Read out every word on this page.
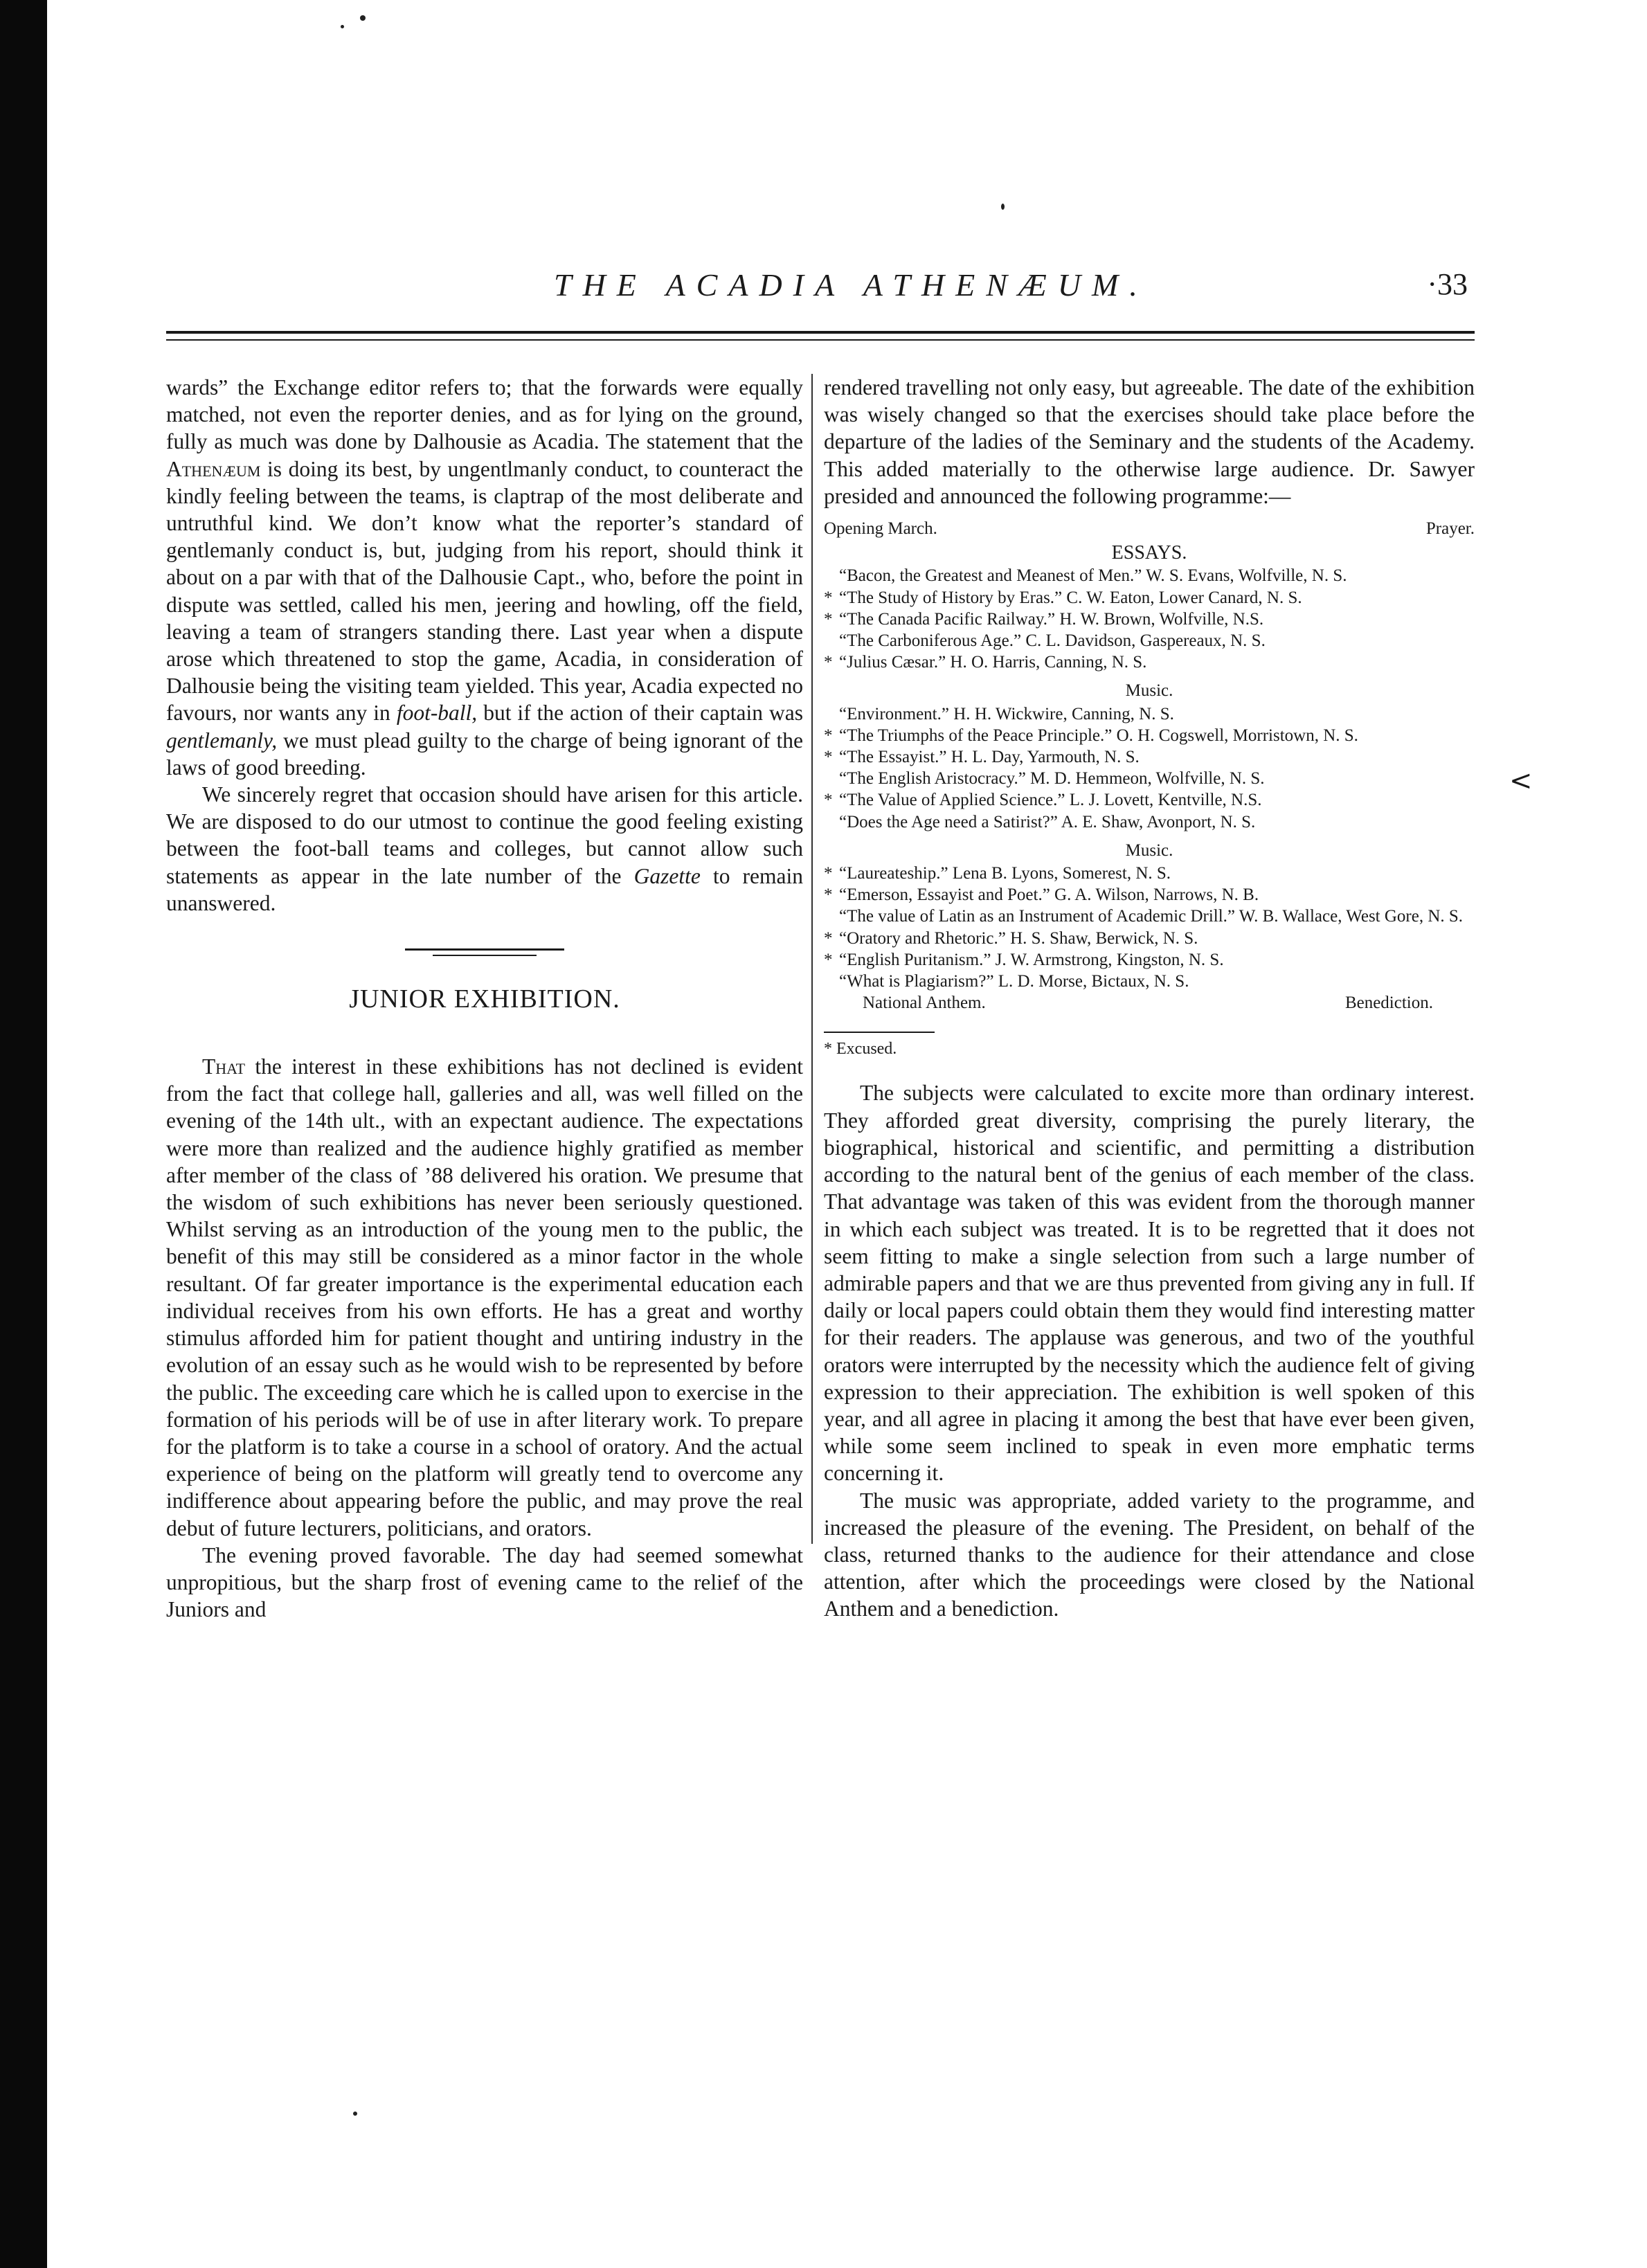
THE ACADIA ATHENÆUM.	·33

wards” the Exchange editor refers to; that the forwards were equally matched, not even the reporter denies, and as for lying on the ground, fully as much was done by Dalhousie as Acadia. The statement that the Athenæum is doing its best, by ungentlmanly conduct, to counteract the kindly feeling between the teams, is claptrap of the most deliberate and untruthful kind. We don’t know what the reporter’s standard of gentlemanly conduct is, but, judging from his report, should think it about on a par with that of the Dalhousie Capt., who, before the point in dispute was settled, called his men, jeering and howling, off the field, leaving a team of strangers standing there. Last year when a dispute arose which threatened to stop the game, Acadia, in consideration of Dalhousie being the visiting team yielded. This year, Acadia expected no favours, nor wants any in foot-ball, but if the action of their captain was gentlemanly, we must plead guilty to the charge of being ignorant of the laws of good breeding.

We sincerely regret that occasion should have arisen for this article. We are disposed to do our utmost to continue the good feeling existing between the foot-ball teams and colleges, but cannot allow such statements as appear in the late number of the Gazette to remain unanswered.

JUNIOR EXHIBITION.

That the interest in these exhibitions has not declined is evident from the fact that college hall, galleries and all, was well filled on the evening of the 14th ult., with an expectant audience. The expectations were more than realized and the audience highly gratified as member after member of the class of ’88 delivered his oration. We presume that the wisdom of such exhibitions has never been seriously questioned. Whilst serving as an introduction of the young men to the public, the benefit of this may still be considered as a minor factor in the whole resultant. Of far greater importance is the experimental education each individual receives from his own efforts. He has a great and worthy stimulus afforded him for patient thought and untiring industry in the evolution of an essay such as he would wish to be represented by before the public. The exceeding care which he is called upon to exercise in the formation of his periods will be of use in after literary work. To prepare for the platform is to take a course in a school of oratory. And the actual experience of being on the platform will greatly tend to overcome any indifference about appearing before the public, and may prove the real debut of future lecturers, politicians, and orators.

The evening proved favorable. The day had seemed somewhat unpropitious, but the sharp frost of evening came to the relief of the Juniors and

rendered travelling not only easy, but agreeable. The date of the exhibition was wisely changed so that the exercises should take place before the departure of the ladies of the Seminary and the students of the Academy. This added materially to the otherwise large audience. Dr. Sawyer presided and announced the following programme:—

Opening March.	Prayer.
ESSAYS.
“Bacon, the Greatest and Meanest of Men.” W. S. Evans, Wolfville, N. S.
* “The Study of History by Eras.” C. W. Eaton, Lower Canard, N. S.
* “The Canada Pacific Railway.” H. W. Brown, Wolfville, N.S.
“The Carboniferous Age.” C. L. Davidson, Gaspereaux, N. S.
* “Julius Cæsar.” H. O. Harris, Canning, N. S.
Music.
“Environment.” H. H. Wickwire, Canning, N. S.
* “The Triumphs of the Peace Principle.” O. H. Cogswell, Morristown, N. S.
* “The Essayist.” H. L. Day, Yarmouth, N. S.
“The English Aristocracy.” M. D. Hemmeon, Wolfville, N. S.
* “The Value of Applied Science.” L. J. Lovett, Kentville, N.S.
“Does the Age need a Satirist?” A. E. Shaw, Avonport, N. S.
Music.
* “Laureateship.” Lena B. Lyons, Somerest, N. S.
* “Emerson, Essayist and Poet.” G. A. Wilson, Narrows, N. B.
“The value of Latin as an Instrument of Academic Drill.” W. B. Wallace, West Gore, N. S.
* “Oratory and Rhetoric.” H. S. Shaw, Berwick, N. S.
* “English Puritanism.” J. W. Armstrong, Kingston, N. S.
“What is Plagiarism?” L. D. Morse, Bictaux, N. S.
National Anthem.	Benediction.
* Excused.

The subjects were calculated to excite more than ordinary interest. They afforded great diversity, comprising the purely literary, the biographical, historical and scientific, and permitting a distribution according to the natural bent of the genius of each member of the class. That advantage was taken of this was evident from the thorough manner in which each subject was treated. It is to be regretted that it does not seem fitting to make a single selection from such a large number of admirable papers and that we are thus prevented from giving any in full. If daily or local papers could obtain them they would find interesting matter for their readers. The applause was generous, and two of the youthful orators were interrupted by the necessity which the audience felt of giving expression to their appreciation. The exhibition is well spoken of this year, and all agree in placing it among the best that have ever been given, while some seem inclined to speak in even more emphatic terms concerning it.

The music was appropriate, added variety to the programme, and increased the pleasure of the evening. The President, on behalf of the class, returned thanks to the audience for their attendance and close attention, after which the proceedings were closed by the National Anthem and a benediction.

<
